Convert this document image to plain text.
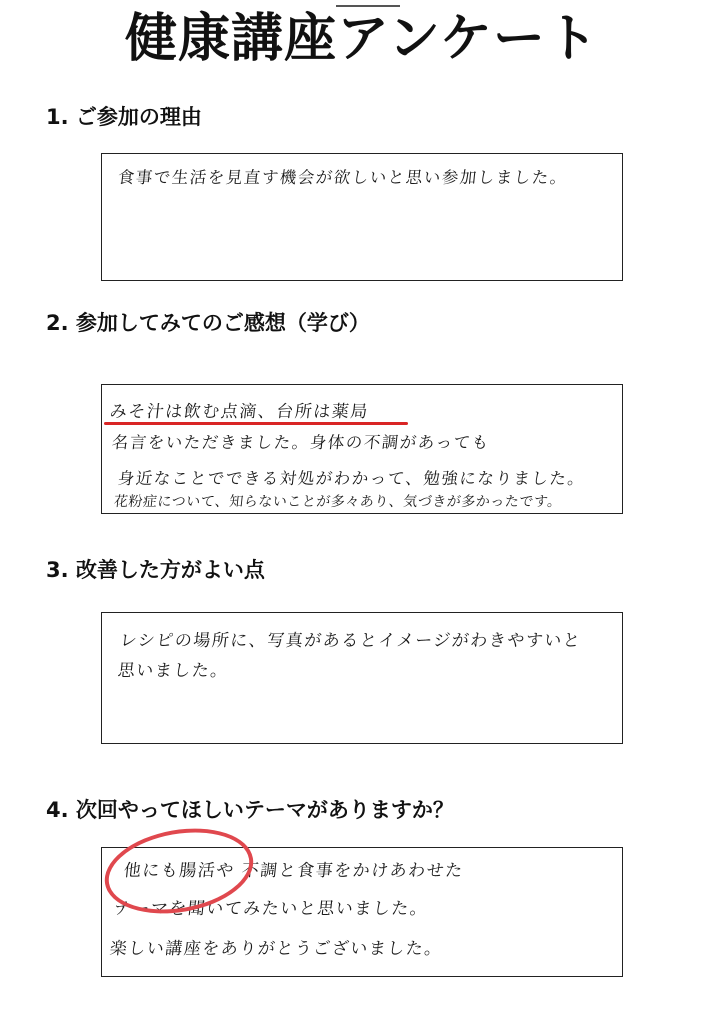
健康講座アンケート
1. ご参加の理由
食事で生活を見直す機会が欲しいと思い参加しました。
2. 参加してみてのご感想（学び）
みそ汁は飲む点滴、台所は薬局
名言をいただきました。身体の不調があっても
身近なことでできる対処がわかって、勉強になりました。
花粉症について、知らないことが多々あり、気づきが多かったです。
3. 改善した方がよい点
レシピの場所に、写真があるとイメージがわきやすいと
思いました。
4. 次回やってほしいテーマがありますか？
他にも腸活や 不調と食事をかけあわせた
テーマを聞いてみたいと思いました。
楽しい講座をありがとうございました。
